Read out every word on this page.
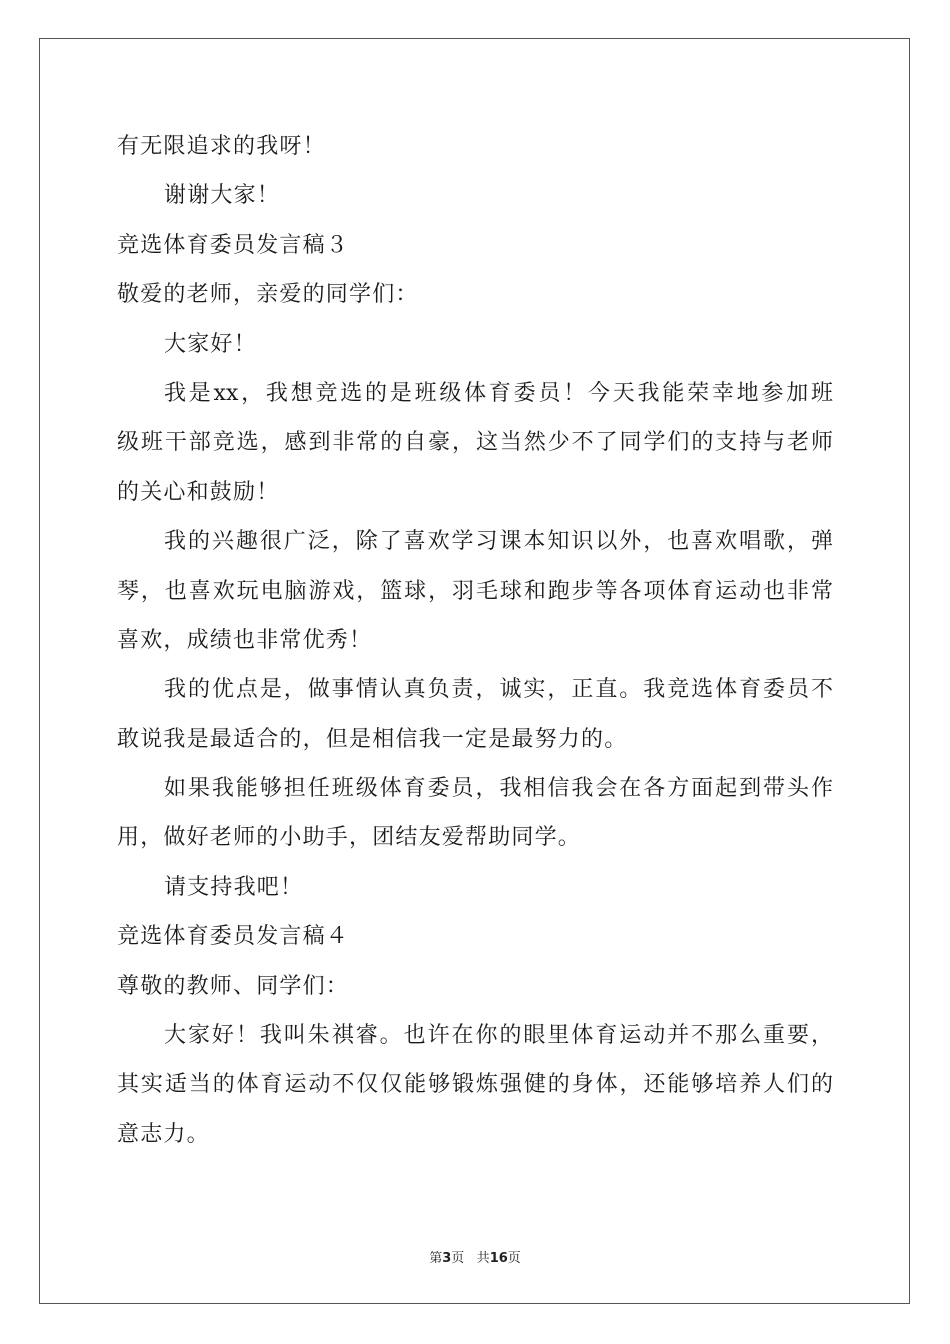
有无限追求的我呀！
谢谢大家！
竞选体育委员发言稿３
敬爱的老师，亲爱的同学们：
大家好！
我是xx，我想竞选的是班级体育委员！今天我能荣幸地参加班
级班干部竞选，感到非常的自豪，这当然少不了同学们的支持与老师
的关心和鼓励！
我的兴趣很广泛，除了喜欢学习课本知识以外，也喜欢唱歌，弹
琴，也喜欢玩电脑游戏，篮球，羽毛球和跑步等各项体育运动也非常
喜欢，成绩也非常优秀！
我的优点是，做事情认真负责，诚实，正直。我竞选体育委员不
敢说我是最适合的，但是相信我一定是最努力的。
如果我能够担任班级体育委员，我相信我会在各方面起到带头作
用，做好老师的小助手，团结友爱帮助同学。
请支持我吧！
竞选体育委员发言稿４
尊敬的教师、同学们：
大家好！我叫朱祺睿。也许在你的眼里体育运动并不那么重要，
其实适当的体育运动不仅仅能够锻炼强健的身体，还能够培养人们的
意志力。
第3页 共16页
